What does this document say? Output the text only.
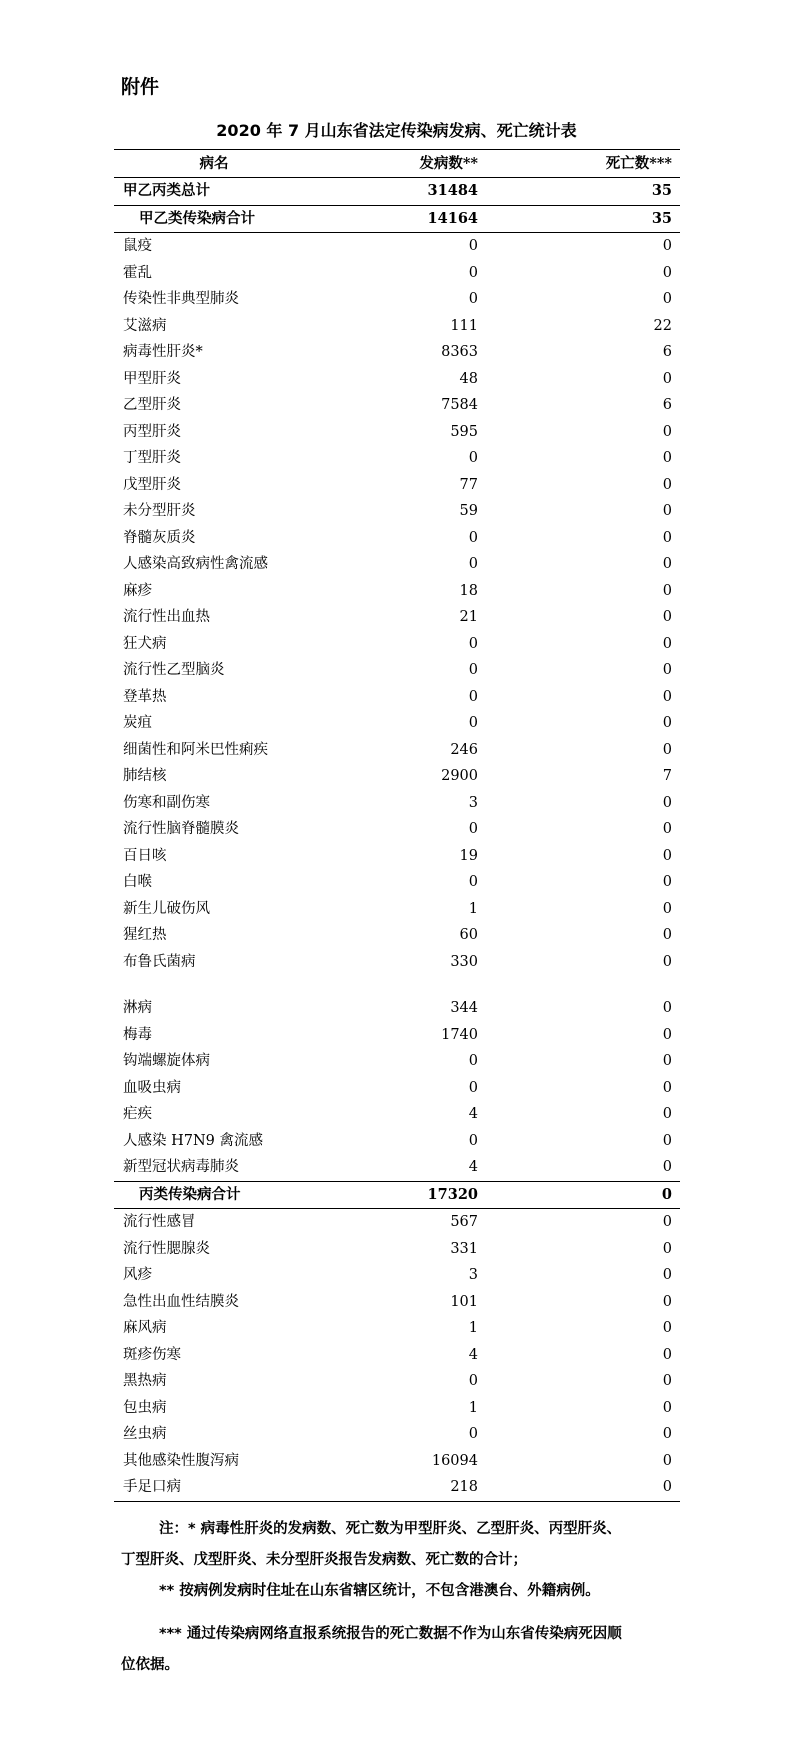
附件
2020 年 7 月山东省法定传染病发病、死亡统计表
病名	发病数**	死亡数***
甲乙丙类总计	31484	35
甲乙类传染病合计	14164	35
鼠疫	0	0
霍乱	0	0
传染性非典型肺炎	0	0
艾滋病	111	22
病毒性肝炎*	8363	6
甲型肝炎	48	0
乙型肝炎	7584	6
丙型肝炎	595	0
丁型肝炎	0	0
戊型肝炎	77	0
未分型肝炎	59	0
脊髓灰质炎	0	0
人感染高致病性禽流感	0	0
麻疹	18	0
流行性出血热	21	0
狂犬病	0	0
流行性乙型脑炎	0	0
登革热	0	0
炭疽	0	0
细菌性和阿米巴性痢疾	246	0
肺结核	2900	7
伤寒和副伤寒	3	0
流行性脑脊髓膜炎	0	0
百日咳	19	0
白喉	0	0
新生儿破伤风	1	0
猩红热	60	0
布鲁氏菌病	330	0
淋病	344	0
梅毒	1740	0
钩端螺旋体病	0	0
血吸虫病	0	0
疟疾	4	0
人感染 H7N9 禽流感	0	0
新型冠状病毒肺炎	4	0
丙类传染病合计	17320	0
流行性感冒	567	0
流行性腮腺炎	331	0
风疹	3	0
急性出血性结膜炎	101	0
麻风病	1	0
斑疹伤寒	4	0
黑热病	0	0
包虫病	1	0
丝虫病	0	0
其他感染性腹泻病	16094	0
手足口病	218	0

注：* 病毒性肝炎的发病数、死亡数为甲型肝炎、乙型肝炎、丙型肝炎、

丁型肝炎、戊型肝炎、未分型肝炎报告发病数、死亡数的合计；

** 按病例发病时住址在山东省辖区统计，不包含港澳台、外籍病例。

*** 通过传染病网络直报系统报告的死亡数据不作为山东省传染病死因顺

位依据。
